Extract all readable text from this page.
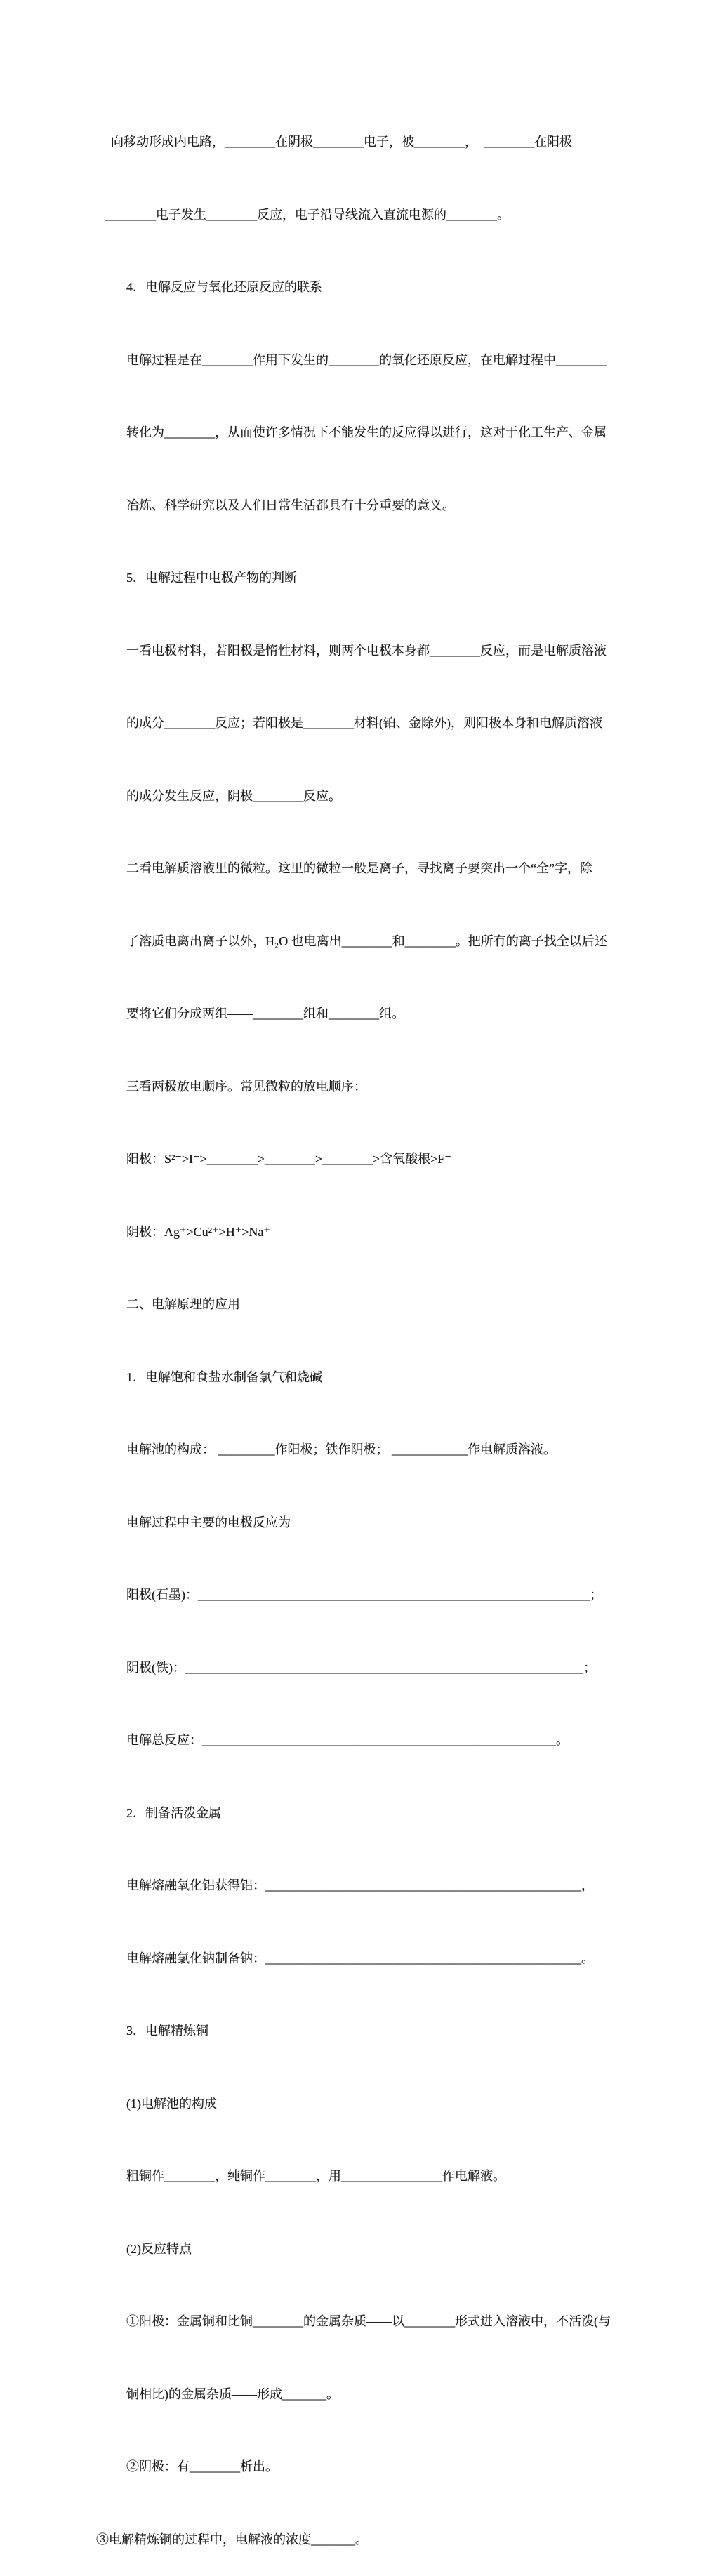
向移动形成内电路，________在阴极________电子，被________，  ________在阳极

________电子发生________反应，电子沿导线流入直流电源的________。

4．电解反应与氧化还原反应的联系

电解过程是在________作用下发生的________的氧化还原反应，在电解过程中________

转化为________，从而使许多情况下不能发生的反应得以进行，这对于化工生产、金属

冶炼、科学研究以及人们日常生活都具有十分重要的意义。

5．电解过程中电极产物的判断

一看电极材料，若阳极是惰性材料，则两个电极本身都________反应，而是电解质溶液

的成分________反应；若阳极是________材料(铂、金除外)，则阳极本身和电解质溶液

的成分发生反应，阴极________反应。

二看电解质溶液里的微粒。这里的微粒一般是离子，寻找离子要突出一个“全”字，除

了溶质电离出离子以外，H₂O 也电离出________和________。把所有的离子找全以后还

要将它们分成两组——________组和________组。

三看两极放电顺序。常见微粒的放电顺序：

阳极：S²⁻>I⁻>________>________>________>含氧酸根>F⁻

阴极：Ag⁺>Cu²⁺>H⁺>Na⁺

二、电解原理的应用

1．电解饱和食盐水制备氯气和烧碱

电解池的构成： _________作阳极；铁作阴极； ____________作电解质溶液。

电解过程中主要的电极反应为

阳极(石墨)：______________________________________________________________；

阴极(铁)：_______________________________________________________________；

电解总反应：________________________________________________________。

2．制备活泼金属

电解熔融氧化铝获得铝：__________________________________________________，

电解熔融氯化钠制备钠：__________________________________________________。

3．电解精炼铜

(1)电解池的构成

粗铜作________，纯铜作________，用________________作电解液。

(2)反应特点

①阳极：金属铜和比铜________的金属杂质——以________形式进入溶液中，不活泼(与

铜相比)的金属杂质——形成_______。

②阴极：有________析出。

③电解精炼铜的过程中，电解液的浓度_______。
